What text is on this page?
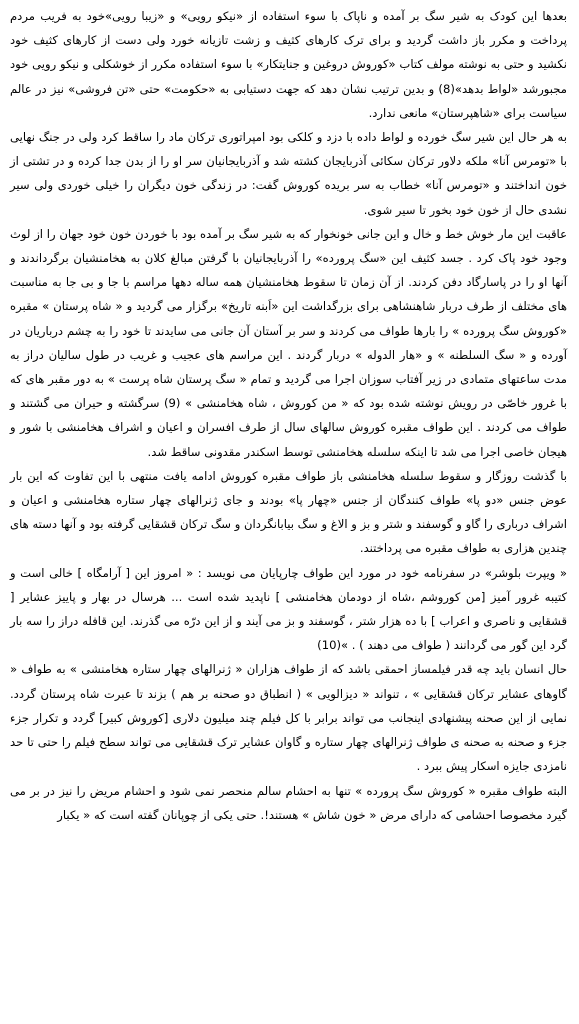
بعدها این کودک به شیر سگ بر آمده و ناپاک با سوء استفاده از «نیکو رویی» و «زیبا رویی»خود به فریب مردم پرداخت و مکرر باز داشت گردید و برای ترک کارهای کثیف و زشت تازیانه خورد ولی دست از کارهای کثیف خود نکشید و حتی به نوشته مولف کتاب «کوروش دروغین و جنایتکار» با سوء استفاده مکرر از خوشکلی و نیکو رویی خود مجبورشد «لواط بدهد»(8) و بدین ترتیب نشان دهد که جهت دستیابی به «حکومت» حتی «تن فروشی» نیز در عالم سیاست برای «شاهپرستان» مانعی ندارد.

به هر حال این شیر سگ خورده و لواط داده با دزد و کلکی بود امپراتوری ترکان ماد را ساقط کرد ولی در جنگ نهایی با «تومرس آنا» ملکه دلاور ترکان سکائی آذربایجان کشته شد و آذربایجانیان سر او را از بدن جدا کرده و در تشتی از خون انداختند و «تومرس آنا» خطاب به سر بریده کوروش گفت: در زندگی خون دیگران را خیلی خوردی ولی سیر نشدی حال از خون خود بخور تا سیر شوی.

عاقبت این مار خوش خط و خال و این جانی خونخوار که به شیر سگ بر آمده بود با خوردن خون خود جهان را از لوث وجود خود پاک کرد . جسد کثیف این «سگ پرورده» را آذربایجانیان با گرفتن مبالغ کلان به هخامنشیان برگرداندند و آنها او را در پاسارگاد دفن کردند. از آن زمان تا سقوط هخامنشیان همه ساله دهها مراسم با جا و بی جا به مناسبت های مختلف از طرف دربار شاهنشاهی برای بزرگداشت این «اَبنه تاریخ» برگزار می گردید و « شاه پرستان » مقبره «کوروش سگ پرورده » را بارها طواف می کردند و سر بر آستان آن جانی می سایدند تا خود را به چشم درباریان در آورده و « سگ السلطنه » و «هار الدوله » دربار گردند . این مراسم های عجیب و غریب در طول سالیان دراز به مدت ساعتهای متمادی در زیر آفتاب سوزان اجرا می گردید و تمام « سگ پرستان شاه پرست » به دور مقبر های که با غرور خاصّی در رویش نوشته شده بود که « من کوروش ، شاه هخامنشی » (9) سرگشته و حیران می گشتند و طواف می کردند . این طواف مقبره کوروش سالهای سال از طرف افسران و اعیان و اشراف هخامنشی با شور و هیجان خاصی اجرا می شد تا اینکه سلسله هخامنشی توسط اسکندر مقدونی ساقط شد.

با گذشت روزگار و سقوط سلسله هخامنشی باز طواف مقبره کوروش ادامه یافت منتهی با این تفاوت که این بار عوض جنس «دو پا» طواف کنندگان از جنس «چهار پا» بودند و جای ژنرالهای چهار ستاره هخامنشی و اعیان و اشراف درباری را گاو و گوسفند و شتر و بز و الاغ و سگ بیابانگردان و سگ ترکان قشقایی گرفته بود و آنها دسته های چندین هزاری به طواف مقبره می پرداختند.

« ویپرت بلوشر» در سفرنامه خود در مورد این طواف چارپایان می نویسد : « امروز این [ آرامگاه ] خالی است و کتیبه غرور آمیز [من کوروشم ،شاه از دودمان هخامنشی ] ناپدید شده است ... هرسال در بهار و پاییز عشایر [ قشقایی و ناصری و اعراب ] با ده هزار شتر ، گوسفند و بز می آیند و از این درّه می گذرند. این قافله دراز را سه بار گرد این گور می گردانند ( طواف می دهند ) . »(10)

حال انسان باید چه قدر فیلمساز احمقی باشد که از طواف هزاران « ژنرالهای چهار ستاره هخامنشی » به طواف « گاوهای عشایر ترکان قشقایی » ، تنواند « دیزالویی » ( انطباق دو صحنه بر هم ) بزند تا عبرت شاه پرستان گردد. نمایی از این صحنه پیشنهادی اینجانب می تواند برابر با کل فیلم چند میلیون دلاری [کوروش کبیر] گردد و تکرار جزء جزء و صحنه به صحنه ی طواف ژنرالهای چهار ستاره و گاوان عشایر ترک قشقایی می تواند سطح فیلم را حتی تا حد نامزدی جایزه اسکار پیش ببرد .

البته طواف مقبره « کوروش سگ پرورده » تنها به احشام سالم منحصر نمی شود و احشام مریض را نیز در بر می گیرد مخصوصا احشامی که دارای مرض « خون شاش » هستند!. حتی یکی از چوپانان گفته است که « یکبار
